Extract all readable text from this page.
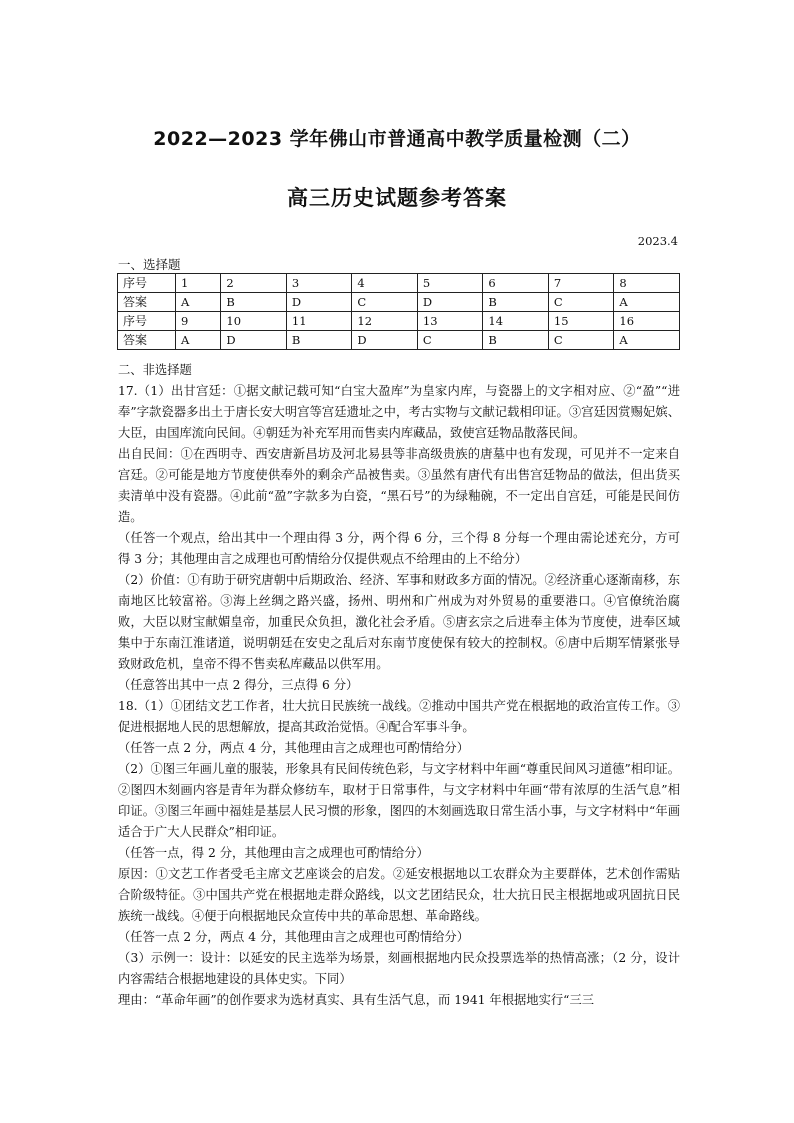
2022—2023 学年佛山市普通高中教学质量检测（二）
高三历史试题参考答案
2023.4
一、选择题
序号	1	2	3	4	5	6	7	8
答案	A	B	D	C	D	B	C	A
序号	9	10	11	12	13	14	15	16
答案	A	D	B	D	C	B	C	A

二、非选择题

17.（1）出甘宫廷：①据文献记载可知“白宝大盈库”为皇家内库，与瓷器上的文字相对应、②“盈”“进奉”字款瓷器多出土于唐长安大明宫等宫廷遗址之中，考古实物与文献记载相印证。③宫廷因赏赐妃嫔、大臣，由国库流向民间。④朝廷为补充军用而售卖内库藏品，致使宫廷物品散落民间。

出自民间：①在西明寺、西安唐新昌坊及河北易县等非高级贵族的唐墓中也有发现，可见并不一定来自宫廷。②可能是地方节度使供奉外的剩余产品被售卖。③虽然有唐代有出售宫廷物品的做法，但出货买卖清单中没有瓷器。④此前“盈”字款多为白瓷，“黑石号”的为绿釉碗，不一定出自宫廷，可能是民间仿造。

（任答一个观点，给出其中一个理由得 3 分，两个得 6 分，三个得 8 分每一个理由需论述充分，方可得 3 分；其他理由言之成理也可酌情给分仅提供观点不给理由的上不给分）

（2）价值：①有助于研究唐朝中后期政治、经济、军事和财政多方面的情况。②经济重心逐渐南移，东南地区比较富裕。③海上丝绸之路兴盛，扬州、明州和广州成为对外贸易的重要港口。④官僚统治腐败，大臣以财宝献媚皇帝，加重民众负担，激化社会矛盾。⑤唐玄宗之后进奉主体为节度使，进奉区域集中于东南江淮诸道，说明朝廷在安史之乱后对东南节度使保有较大的控制权。⑥唐中后期军情紧张导致财政危机，皇帝不得不售卖私库藏品以供军用。

（任意答出其中一点 2 得分，三点得 6 分）

18.（1）①团结文艺工作者，壮大抗日民族统一战线。②推动中国共产党在根据地的政治宣传工作。③促进根据地人民的思想解放，提高其政治觉悟。④配合军事斗争。

（任答一点 2 分，两点 4 分，其他理由言之成理也可酌情给分）

（2）①图三年画儿童的服装，形象具有民间传统色彩，与文字材料中年画“尊重民间风习道德”相印证。②图四木刻画内容是青年为群众修纺车，取材于日常事件，与文字材料中年画“带有浓厚的生活气息”相印证。③图三年画中福娃是基层人民习惯的形象，图四的木刻画选取日常生活小事，与文字材料中“年画适合于广大人民群众”相印证。

（任答一点，得 2 分，其他理由言之成理也可酌情给分）

原因：①文艺工作者受毛主席文艺座谈会的启发。②延安根据地以工农群众为主要群体，艺术创作需贴合阶级特征。③中国共产党在根据地走群众路线，以文艺团结民众，壮大抗日民主根据地或巩固抗日民族统一战线。④便于向根据地民众宣传中共的革命思想、革命路线。

（任答一点 2 分，两点 4 分，其他理由言之成理也可酌情给分）

（3）示例一：设计：以延安的民主选举为场景，刻画根据地内民众投票选举的热情高涨；（2 分，设计内容需结合根据地建设的具体史实。下同）

理由：“革命年画”的创作要求为选材真实、具有生活气息，而 1941 年根据地实行“三三
